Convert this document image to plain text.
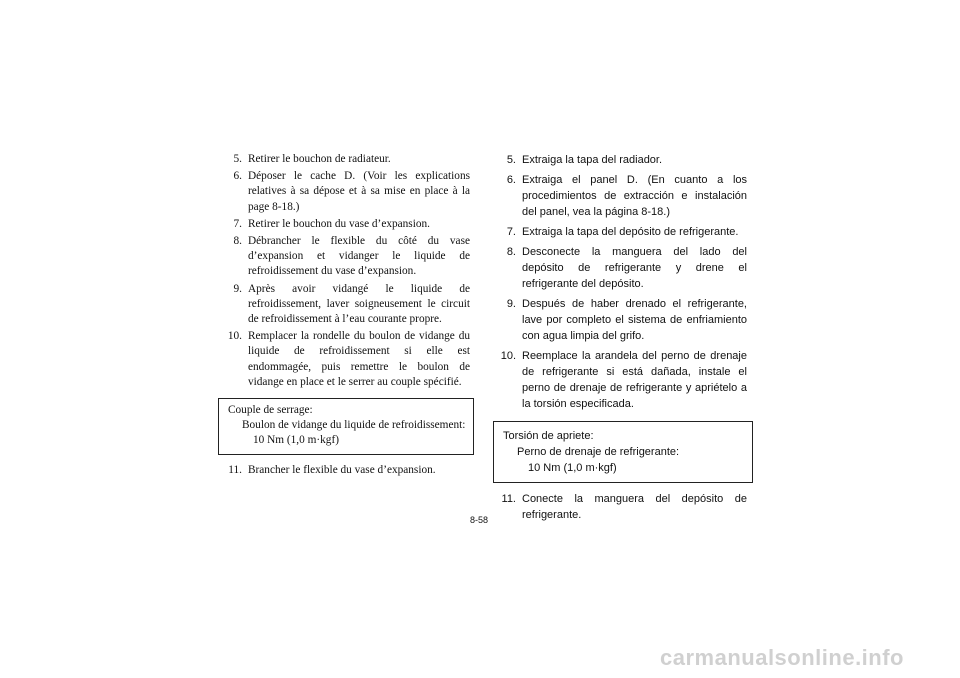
5. Retirer le bouchon de radiateur.
6. Déposer le cache D. (Voir les explications relatives à sa dépose et à sa mise en place à la page 8-18.)
7. Retirer le bouchon du vase d’expansion.
8. Débrancher le flexible du côté du vase d’expansion et vidanger le liquide de refroidissement du vase d’expansion.
9. Après avoir vidangé le liquide de refroidissement, laver soigneusement le circuit de refroidissement à l’eau courante propre.
10. Remplacer la rondelle du boulon de vidange du liquide de refroidissement si elle est endommagée, puis remettre le boulon de vidange en place et le serrer au couple spécifié.
Couple de serrage:
Boulon de vidange du liquide de refroidissement:
10 Nm (1,0 m·kgf)
11. Brancher le flexible du vase d’expansion.
5. Extraiga la tapa del radiador.
6. Extraiga el panel D. (En cuanto a los procedimientos de extracción e instalación del panel, vea la página 8-18.)
7. Extraiga la tapa del depósito de refrigerante.
8. Desconecte la manguera del lado del depósito de refrigerante y drene el refrigerante del depósito.
9. Después de haber drenado el refrigerante, lave por completo el sistema de enfriamiento con agua limpia del grifo.
10. Reemplace la arandela del perno de drenaje de refrigerante si está dañada, instale el perno de drenaje de refrigerante y apriételo a la torsión especificada.
Torsión de apriete:
Perno de drenaje de refrigerante:
10 Nm (1,0 m·kgf)
11. Conecte la manguera del depósito de refrigerante.
8-58
carmanualsonline.info
